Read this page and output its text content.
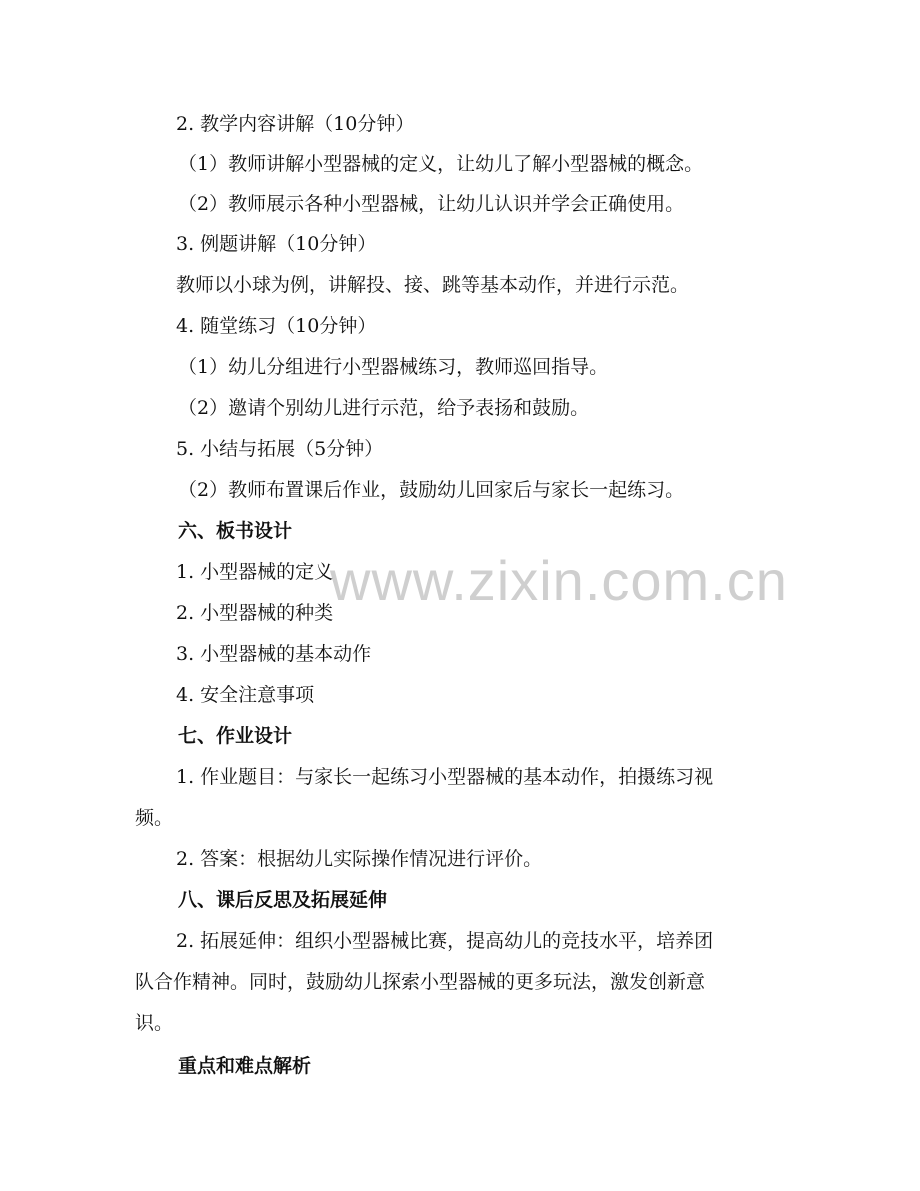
www.zixin.com.cn
2. 教学内容讲解（10分钟）
（1）教师讲解小型器械的定义，让幼儿了解小型器械的概念。
（2）教师展示各种小型器械，让幼儿认识并学会正确使用。
3. 例题讲解（10分钟）
教师以小球为例，讲解投、接、跳等基本动作，并进行示范。
4. 随堂练习（10分钟）
（1）幼儿分组进行小型器械练习，教师巡回指导。
（2）邀请个别幼儿进行示范，给予表扬和鼓励。
5. 小结与拓展（5分钟）
（2）教师布置课后作业，鼓励幼儿回家后与家长一起练习。
六、板书设计
1. 小型器械的定义
2. 小型器械的种类
3. 小型器械的基本动作
4. 安全注意事项
七、作业设计
1. 作业题目：与家长一起练习小型器械的基本动作，拍摄练习视
频。
2. 答案：根据幼儿实际操作情况进行评价。
八、课后反思及拓展延伸
2. 拓展延伸：组织小型器械比赛，提高幼儿的竞技水平，培养团
队合作精神。同时，鼓励幼儿探索小型器械的更多玩法，激发创新意
识。
重点和难点解析
